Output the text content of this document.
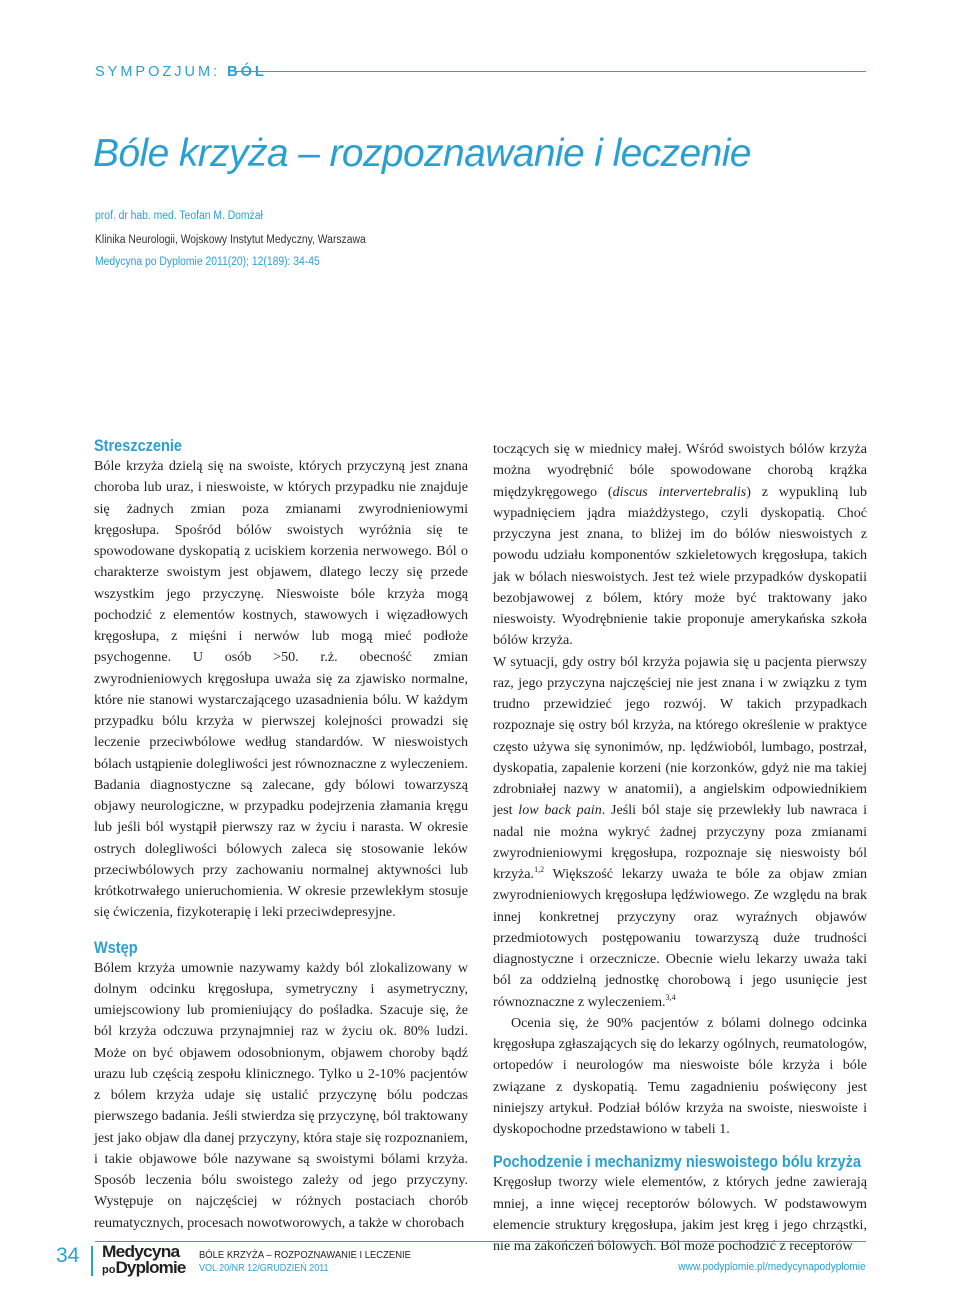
SYMPOZJUM: BÓL
Bóle krzyża – rozpoznawanie i leczenie
prof. dr hab. med. Teofan M. Domżał
Klinika Neurologii, Wojskowy Instytut Medyczny, Warszawa
Medycyna po Dyplomie 2011(20); 12(189): 34-45
Streszczenie

Bóle krzyża dzielą się na swoiste, których przyczyną jest znana choroba lub uraz, i nieswoiste, w których przypadku nie znajduje się żadnych zmian poza zmianami zwyrodnieniowymi kręgosłupa. Spośród bólów swoistych wyróżnia się te spowodowane dyskopatią z uciskiem korzenia nerwowego. Ból o charakterze swoistym jest objawem, dlatego leczy się przede wszystkim jego przyczynę. Nieswoiste bóle krzyża mogą pochodzić z elementów kostnych, stawowych i więzadłowych kręgosłupa, z mięśni i nerwów lub mogą mieć podłoże psychogenne. U osób >50. r.ż. obecność zmian zwyrodnieniowych kręgosłupa uważa się za zjawisko normalne, które nie stanowi wystarczającego uzasadnienia bólu. W każdym przypadku bólu krzyża w pierwszej kolejności prowadzi się leczenie przeciwbólowe według standardów. W nieswoistych bólach ustąpienie dolegliwości jest równoznaczne z wyleczeniem. Badania diagnostyczne są zalecane, gdy bólowi towarzyszą objawy neurologiczne, w przypadku podejrzenia złamania kręgu lub jeśli ból wystąpił pierwszy raz w życiu i narasta. W okresie ostrych dolegliwości bólowych zaleca się stosowanie leków przeciwbólowych przy zachowaniu normalnej aktywności lub krótkotrwałego unieruchomienia. W okresie przewlekłym stosuje się ćwiczenia, fizykoterapię i leki przeciwdepresyjne.

Wstęp

Bólem krzyża umownie nazywamy każdy ból zlokalizowany w dolnym odcinku kręgosłupa, symetryczny i asymetryczny, umiejscowiony lub promieniujący do pośladka. Szacuje się, że ból krzyża odczuwa przynajmniej raz w życiu ok. 80% ludzi. Może on być objawem odosobnionym, objawem choroby bądź urazu lub częścią zespołu klinicznego. Tylko u 2-10% pacjentów z bólem krzyża udaje się ustalić przyczynę bólu podczas pierwszego badania. Jeśli stwierdza się przyczynę, ból traktowany jest jako objaw dla danej przyczyny, która staje się rozpoznaniem, i takie objawowe bóle nazywane są swoistymi bólami krzyża. Sposób leczenia bólu swoistego zależy od jego przyczyny. Występuje on najczęściej w różnych postaciach chorób reumatycznych, procesach nowotworowych, a także w chorobach

toczących się w miednicy małej. Wśród swoistych bólów krzyża można wyodrębnić bóle spowodowane chorobą krążka międzykręgowego (discus intervertebralis) z wypukliną lub wypadnięciem jądra miażdżystego, czyli dyskopatią. Choć przyczyna jest znana, to bliżej im do bólów nieswoistych z powodu udziału komponentów szkieletowych kręgosłupa, takich jak w bólach nieswoistych. Jest też wiele przypadków dyskopatii bezobjawowej z bólem, który może być traktowany jako nieswoisty. Wyodrębnienie takie proponuje amerykańska szkoła bólów krzyża.

W sytuacji, gdy ostry ból krzyża pojawia się u pacjenta pierwszy raz, jego przyczyna najczęściej nie jest znana i w związku z tym trudno przewidzieć jego rozwój. W takich przypadkach rozpoznaje się ostry ból krzyża, na którego określenie w praktyce często używa się synonimów, np. lędźwioból, lumbago, postrzał, dyskopatia, zapalenie korzeni (nie korzonków, gdyż nie ma takiej zdrobniałej nazwy w anatomii), a angielskim odpowiednikiem jest low back pain. Jeśli ból staje się przewlekły lub nawraca i nadal nie można wykryć żadnej przyczyny poza zmianami zwyrodnieniowymi kręgosłupa, rozpoznaje się nieswoisty ból krzyża.$^{1,2}$ Większość lekarzy uważa te bóle za objaw zmian zwyrodnieniowych kręgosłupa lędźwiowego. Ze względu na brak innej konkretnej przyczyny oraz wyraźnych objawów przedmiotowych postępowaniu towarzyszą duże trudności diagnostyczne i orzecznicze. Obecnie wielu lekarzy uważa taki ból za oddzielną jednostkę chorobową i jego usunięcie jest równoznaczne z wyleczeniem.$^{3,4}$

Ocenia się, że 90% pacjentów z bólami dolnego odcinka kręgosłupa zgłaszających się do lekarzy ogólnych, reumatologów, ortopedów i neurologów ma nieswoiste bóle krzyża i bóle związane z dyskopatią. Temu zagadnieniu poświęcony jest niniejszy artykuł. Podział bólów krzyża na swoiste, nieswoiste i dyskopochodne przedstawiono w tabeli 1.

Pochodzenie i mechanizmy nieswoistego bólu krzyża

Kręgosłup tworzy wiele elementów, z których jedne zawierają mniej, a inne więcej receptorów bólowych. W podstawowym elemencie struktury kręgosłupa, jakim jest kręg i jego chrząstki, nie ma zakończeń bólowych. Ból może pochodzić z receptorów

34 Medycyna
poDyplomie
BÓLE KRZYŻA – ROZPOZNAWANIE I LECZENIE
VOL 20/NR 12/GRUDZIEŃ 2011	www.podyplomie.pl/medycynapodyplomie
